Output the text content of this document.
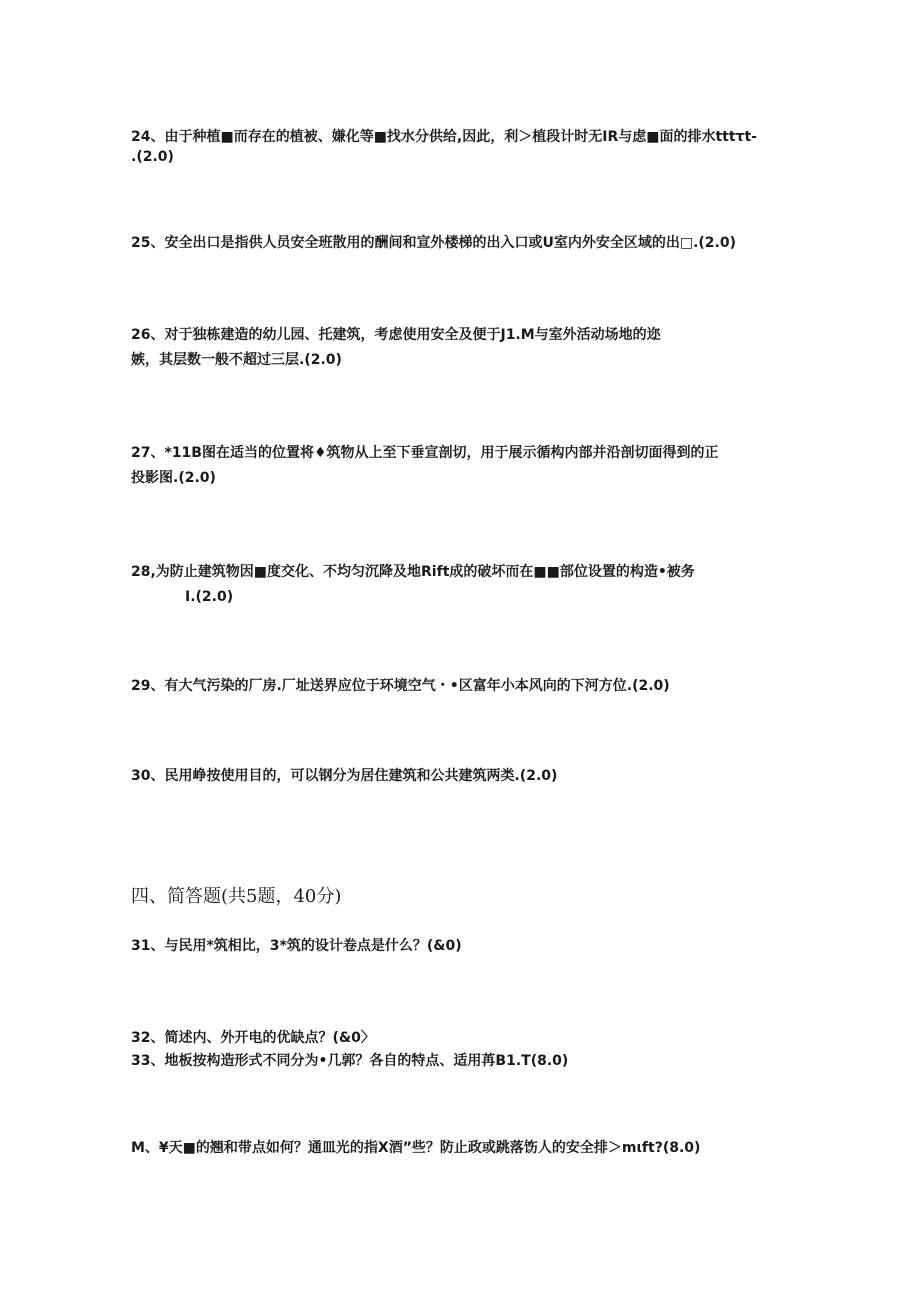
24、由于种植■而存在的植被、嫌化等■找水分供给,因此，利＞植段计时无IR与虑■面的排水tttτt-
.(2.0)
25、安全出口是指供人员安全班散用的酬间和宣外楼梯的出入口或U室内外安全区域的出□.(2.0)
26、对于独栋建造的幼儿园、托建筑，考虑使用安全及便于J1.M与室外活动场地的迩
嫉，其层数一般不超过三层.(2.0)
27、*11B图在适当的位置将♦筑物从上至下垂宣剖切，用于展示循构内部并沿剖切面得到的正
投影图.(2.0)
28,为防止建筑物因■度交化、不均匀沉降及地Rift成的破坏而在■■部位设置的构造•被务
I.(2.0)
29、有大气污染的厂房.厂址送界应位于环境空气・•区富年小本风向的下河方位.(2.0)
30、民用峥按使用目的，可以钢分为居住建筑和公共建筑两类.(2.0)
四、简答题(共5题，40分)
31、与民用*筑相比，3*筑的设计卷点是什么？(&0)
32、简述内、外开电的优缺点？(&0〉
33、地板按构造形式不同分为•几郭？各自的特点、适用苒B1.T(8.0)
M、¥天■的翘和带点如何？通皿光的指X酒”些？防止政或跳落饬人的安全排＞mιft?(8.0)
